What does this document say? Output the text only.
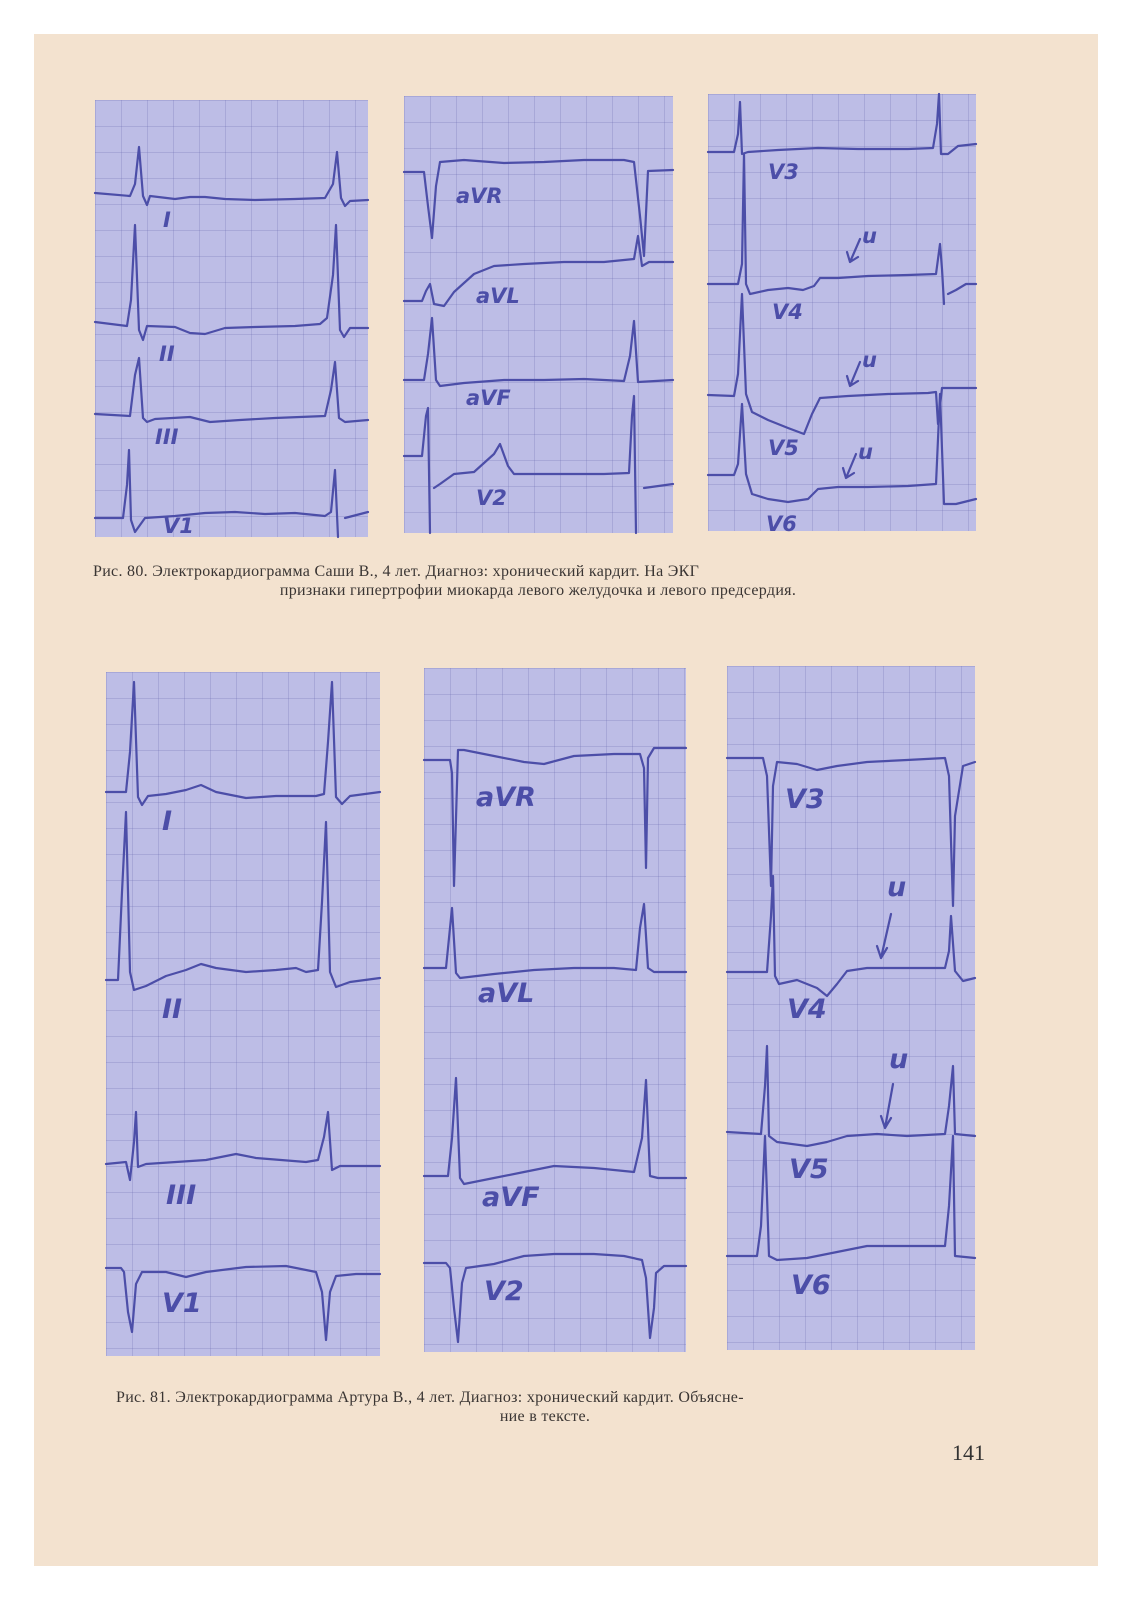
I
II
III
V1
aVR
aVL
aVF
V2
V3
V4
V5
V6
u
u
u
Рис. 80. Электрокардиограмма Саши В., 4 лет. Диагноз: хронический кардит. На ЭКГ
признаки гипертрофии миокарда левого желудочка и левого предсердия.
I
II
III
V1
aVR
aVL
aVF
V2
V3
V4
V5
V6
u
u
Рис. 81. Электрокардиограмма Артура В., 4 лет. Диагноз: хронический кардит. Объясне-
ние в тексте.
141
